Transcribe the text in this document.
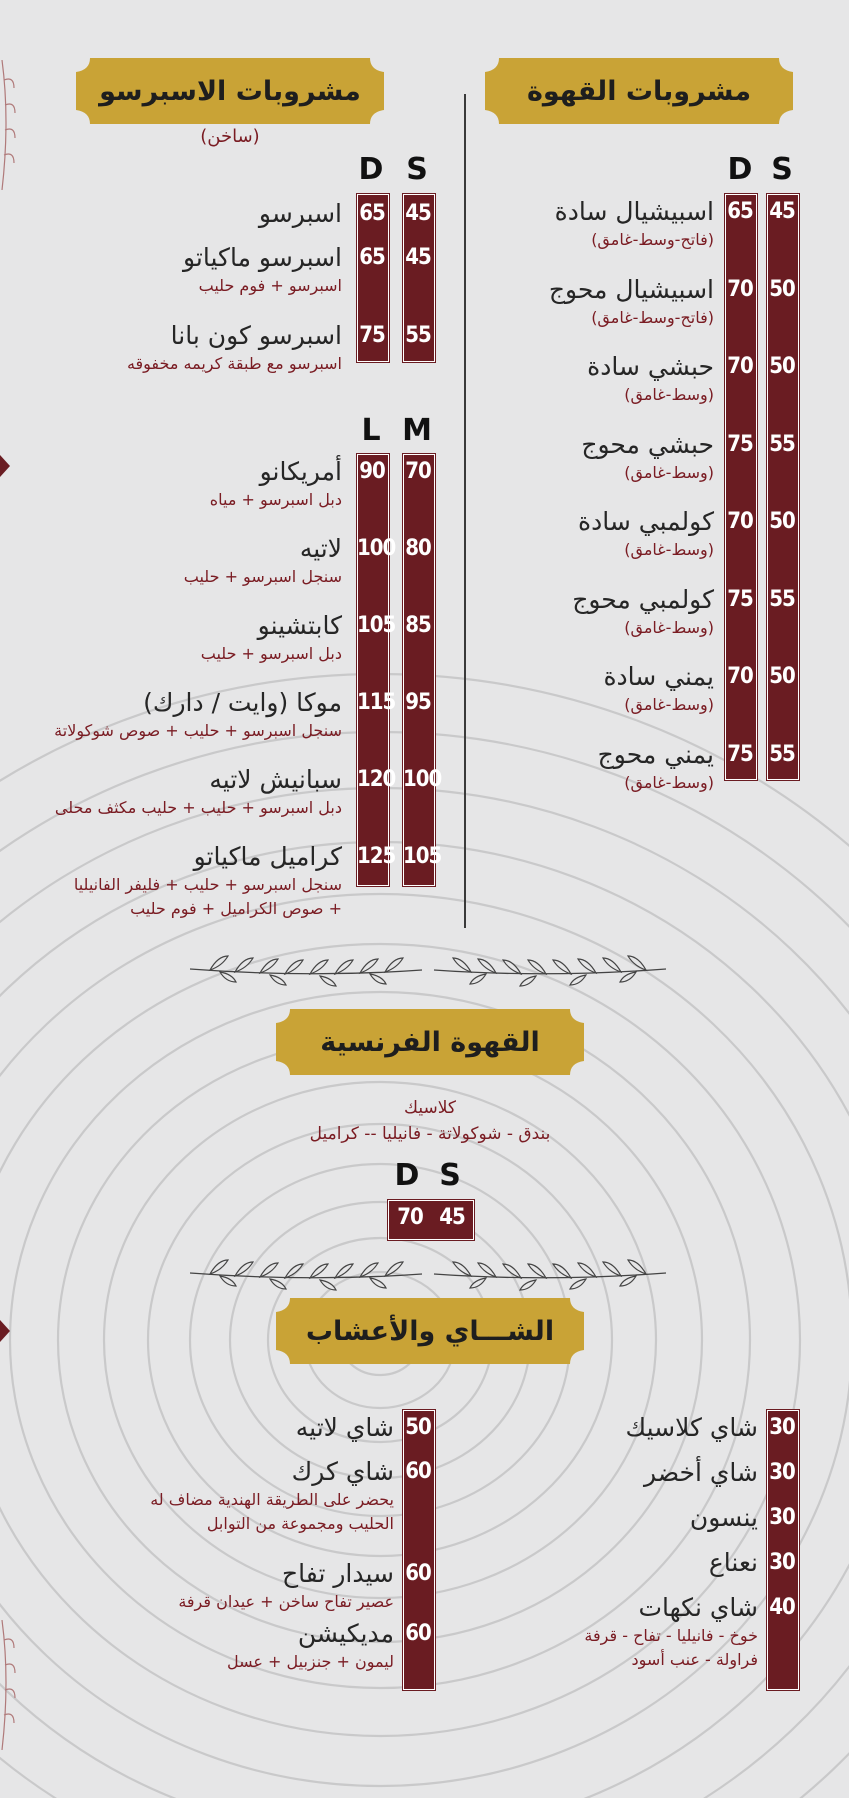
مشروبات القهوة
S
D
اسبيشيال سادة
(فاتح-وسط-غامق)
45
65
اسبيشيال محوج
(فاتح-وسط-غامق)
50
70
حبشي سادة
(وسط-غامق)
50
70
حبشي محوج
(وسط-غامق)
55
75
كولمبي سادة
(وسط-غامق)
50
70
كولمبي محوج
(وسط-غامق)
55
75
يمني سادة
(وسط-غامق)
50
70
يمني محوج
(وسط-غامق)
55
75
مشروبات الاسبرسو
(ساخن)
S
D
M
L
اسبرسو	45
65
اسبرسو ماكياتو
اسبرسو + فوم حليب
45
65
اسبرسو كون بانا
اسبرسو مع طبقة كريمه مخفوقه
55
75
أمريكانو
دبل اسبرسو + مياه
70
90
لاتيه
سنجل اسبرسو + حليب
80
100
كابتشينو
دبل اسبرسو + حليب
85
105
موكا (وايت / دارك)
سنجل اسبرسو + حليب + صوص شوكولاتة
95
115
سبانيش لاتيه
دبل اسبرسو + حليب + حليب مكثف محلى
100
120
كراميل ماكياتو
سنجل اسبرسو + حليب + فليفر الفانيليا
+ صوص الكراميل + فوم حليب
105
125
القهوة الفرنسية
كلاسيك
بندق - شوكولاتة - فانيليا -- كراميل
S
D
45
70
الشـــاي والأعشاب
شاي كلاسيك 30
شاي أخضر 30
ينسون 30
نعناع 30
شاي نكهات
خوخ - فانيليا - تفاح - قرفة
فراولة - عنب أسود
40
شاي لاتيه 50
شاي كرك
يحضر على الطريقة الهندية مضاف له
الحليب ومجموعة من التوابل
60
سيدار تفاح
عصير تفاح ساخن + عيدان قرفة
60
مديكيشن
ليمون + جنزبيل + عسل
60
